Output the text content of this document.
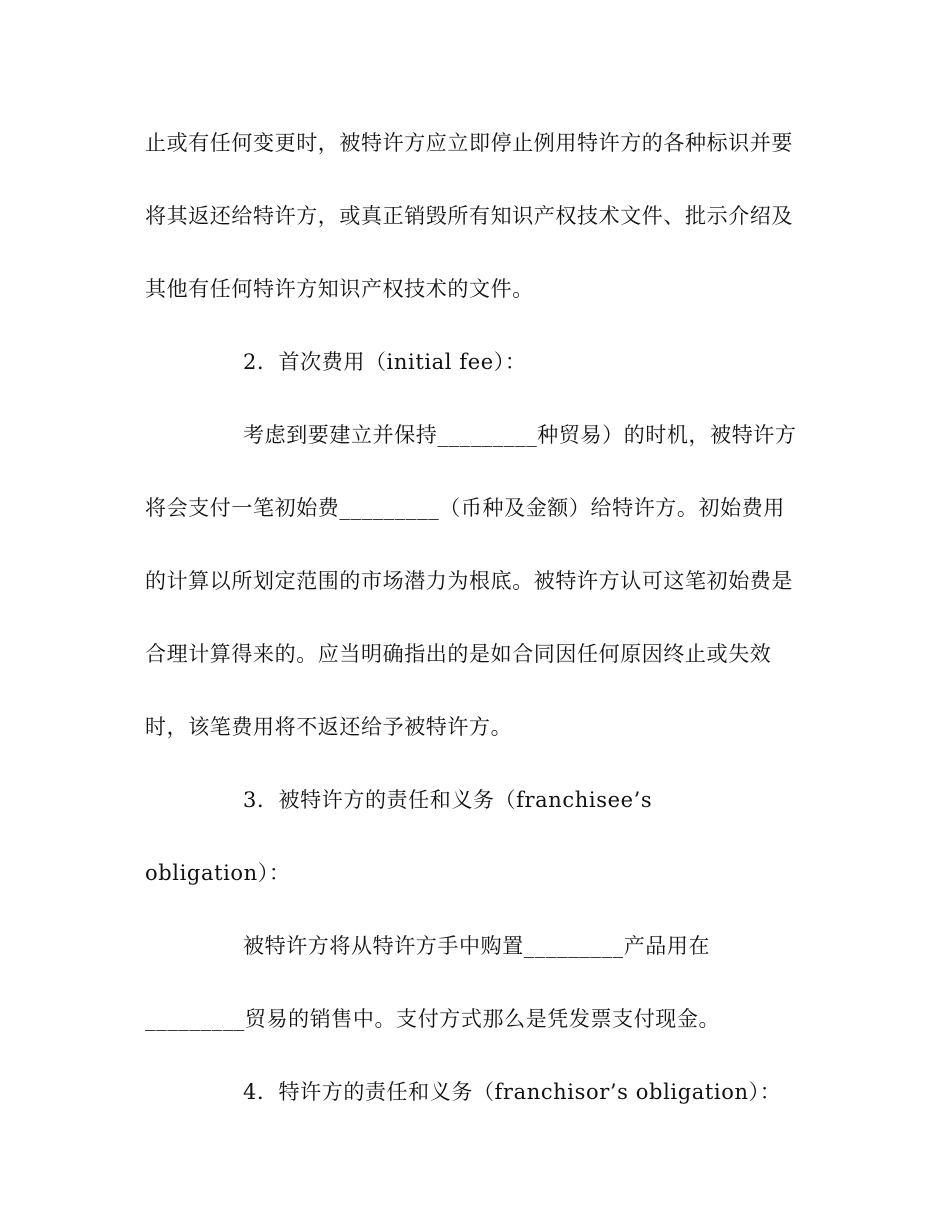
止或有任何变更时，被特许方应立即停止例用特许方的各种标识并要
将其返还给特许方，或真正销毁所有知识产权技术文件、批示介绍及
其他有任何特许方知识产权技术的文件。
2．首次费用（initial fee）：
考虑到要建立并保持_________种贸易）的时机，被特许方
将会支付一笔初始费_________（币种及金额）给特许方。初始费用
的计算以所划定范围的市场潜力为根底。被特许方认可这笔初始费是
合理计算得来的。应当明确指出的是如合同因任何原因终止或失效
时，该笔费用将不返还给予被特许方。
3．被特许方的责任和义务（franchisee’s
obligation）：
被特许方将从特许方手中购置_________产品用在
_________贸易的销售中。支付方式那么是凭发票支付现金。
4．特许方的责任和义务（franchisor’s obligation）：
